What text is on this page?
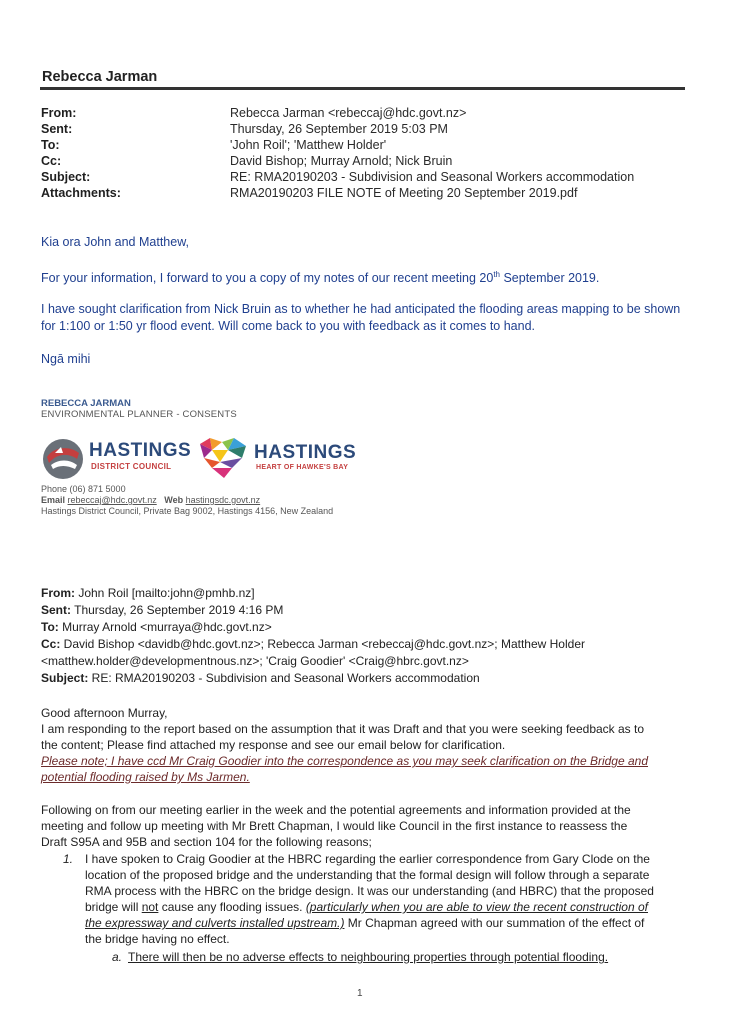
Rebecca Jarman
From:	Rebecca Jarman <rebeccaj@hdc.govt.nz>
Sent:	Thursday, 26 September 2019 5:03 PM
To:	'John Roil'; 'Matthew Holder'
Cc:	David Bishop; Murray Arnold; Nick Bruin
Subject:	RE: RMA20190203 - Subdivision and Seasonal Workers accommodation
Attachments:	RMA20190203 FILE NOTE of Meeting 20 September 2019.pdf
Kia ora John and Matthew,
For your information, I forward to you a copy of my notes of our recent meeting 20th September 2019.
I have sought clarification from Nick Bruin as to whether he had anticipated the flooding areas mapping to be shown
for 1:100 or 1:50 yr flood event. Will come back to you with feedback as it comes to hand.
Ngā mihi
REBECCA JARMAN
ENVIRONMENTAL PLANNER - CONSENTS
HASTINGS
DISTRICT COUNCIL
HASTINGS
HEART OF HAWKE'S BAY
Phone (06) 871 5000
Email rebeccaj@hdc.govt.nz Web hastingsdc.govt.nz
Hastings District Council, Private Bag 9002, Hastings 4156, New Zealand
From: John Roil [mailto:john@pmhb.nz]
Sent: Thursday, 26 September 2019 4:16 PM
To: Murray Arnold <murraya@hdc.govt.nz>
Cc: David Bishop <davidb@hdc.govt.nz>; Rebecca Jarman <rebeccaj@hdc.govt.nz>; Matthew Holder
<matthew.holder@developmentnous.nz>; 'Craig Goodier' <Craig@hbrc.govt.nz>
Subject: RE: RMA20190203 - Subdivision and Seasonal Workers accommodation
Good afternoon Murray,
I am responding to the report based on the assumption that it was Draft and that you were seeking feedback as to
the content; Please find attached my response and see our email below for clarification.
Please note; I have ccd Mr Craig Goodier into the correspondence as you may seek clarification on the Bridge and
potential flooding raised by Ms Jarmen.
Following on from our meeting earlier in the week and the potential agreements and information provided at the
meeting and follow up meeting with Mr Brett Chapman, I would like Council in the first instance to reassess the
Draft S95A and 95B and section 104 for the following reasons;
1. I have spoken to Craig Goodier at the HBRC regarding the earlier correspondence from Gary Clode on the
location of the proposed bridge and the understanding that the formal design will follow through a separate
RMA process with the HBRC on the bridge design. It was our understanding (and HBRC) that the proposed
bridge will not cause any flooding issues. (particularly when you are able to view the recent construction of
the expressway and culverts installed upstream.) Mr Chapman agreed with our summation of the effect of
the bridge having no effect.
a. There will then be no adverse effects to neighbouring properties through potential flooding.
1
